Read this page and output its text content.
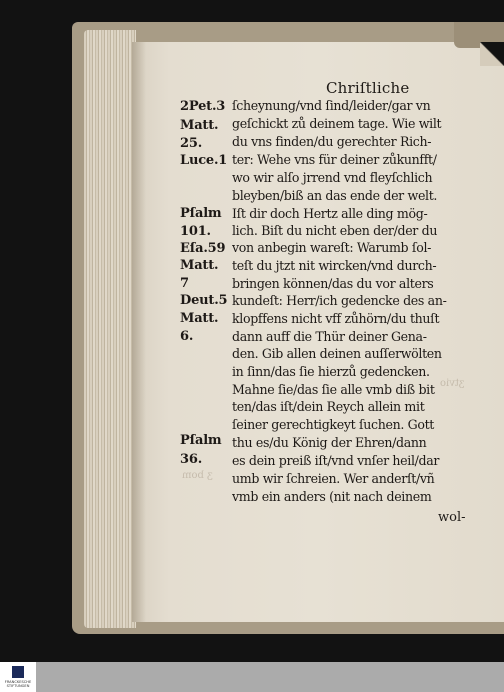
ʒtvio
ʒ bom
Chriſtliche
2Pet.3
Matt.
25.
Luce.1
Pſalm
101.
Eſa.59
Matt.
7
Deut.5
Matt.
6.
Pſalm
36.
ſcheynung/vnd ſind/leider/gar vn
geſchickt zů deinem tage. Wie wilt
du vns finden/du gerechter Rich-
ter: Wehe vns für deiner zůkunfft/
wo wir alſo jrrend vnd fleyſchlich
bleyben/biß an das ende der welt.
Iſt dir doch Hertz alle ding mög-
lich. Biſt du nicht eben der/der du
von anbegin wareſt: Warumb ſol-
teſt du jtzt nit wircken/vnd durch-
bringen können/das du vor alters
kundeſt: Herr/ich gedencke des an-
klopffens nicht vff zůhörn/du thuſt
dann auff die Thür deiner Gena-
den. Gib allen deinen auſſerwölten
in ſinn/das ſie hierzů gedencken.
Mahne ſie/das ſie alle vmb diß bit
ten/das iſt/dein Reych allein mit
ſeiner gerechtigkeyt ſuchen. Gott
thu es/du König der Ehren/dann
es dein preiß iſt/vnd vnſer heil/dar
umb wir ſchreien. Wer anderſt/vñ
vmb ein anders (nit nach deinem
wol-
FRANCKESCHE STIFTUNGEN
